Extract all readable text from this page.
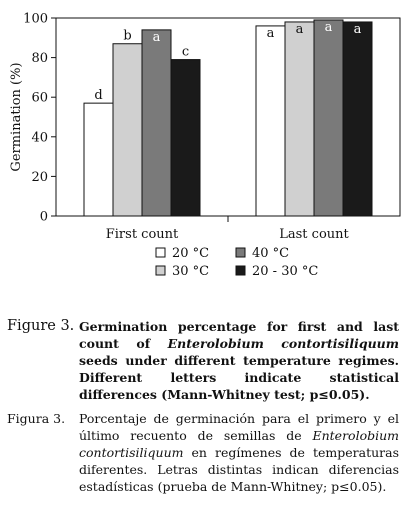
0
20
40
60
80
100
Germination (%)
First count	Last count
d
b a
c
a a a a
20 °C
30 °C
40 °C
20 - 30 °C
Figure 3. Germination percentage for first and last count of Enterolobium contortisiliquum seeds under different temperature regimes. Different letters indicate statistical differences (Mann-Whitney test; p≤0.05).
Figura 3.	Porcentaje de germinación para el primero y el último recuento de semillas de Enterolobium contortisiliquum en regímenes de temperaturas diferentes. Letras distintas indican diferencias estadísticas (prueba de Mann-Whitney; p≤0.05).
